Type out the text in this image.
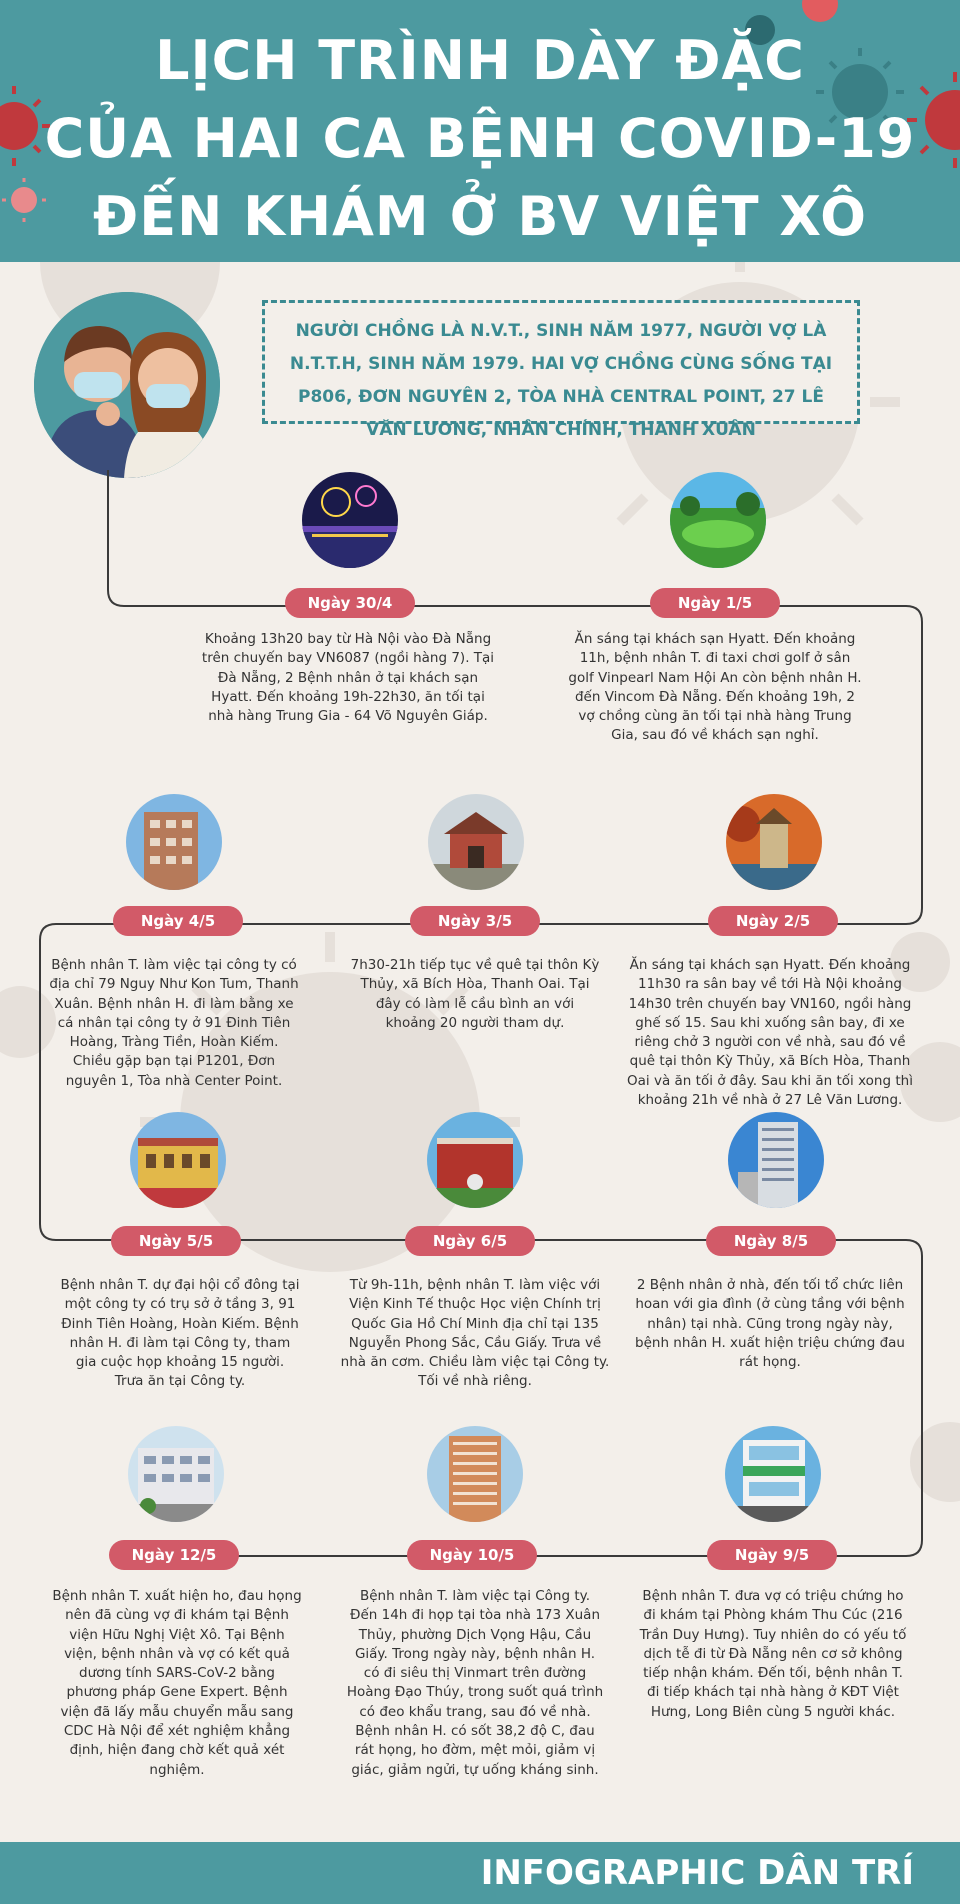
LỊCH TRÌNH DÀY ĐẶC
CỦA HAI CA BỆNH COVID-19
ĐẾN KHÁM Ở BV VIỆT XÔ
NGƯỜI CHỒNG LÀ N.V.T., SINH NĂM 1977, NGƯỜI VỢ LÀ N.T.T.H, SINH NĂM 1979. HAI VỢ CHỒNG CÙNG SỐNG TẠI P806, ĐƠN NGUYÊN 2, TÒA NHÀ CENTRAL POINT, 27 LÊ VĂN LƯƠNG, NHÂN CHÍNH, THANH XUÂN
Ngày 30/4	Ngày 1/5
Khoảng 13h20 bay từ Hà Nội vào Đà Nẵng trên chuyến bay VN6087 (ngồi hàng 7). Tại Đà Nẵng, 2 Bệnh nhân ở tại khách sạn Hyatt. Đến khoảng 19h-22h30, ăn tối tại nhà hàng Trung Gia - 64 Võ Nguyên Giáp.
Ăn sáng tại khách sạn Hyatt. Đến khoảng 11h, bệnh nhân T. đi taxi chơi golf ở sân golf Vinpearl Nam Hội An còn bệnh nhân H. đến Vincom Đà Nẵng. Đến khoảng 19h, 2 vợ chồng cùng ăn tối tại nhà hàng Trung Gia, sau đó về khách sạn nghỉ.
Ngày 4/5	Ngày 3/5	Ngày 2/5
Bệnh nhân T. làm việc tại công ty có địa chỉ 79 Nguy Như Kon Tum, Thanh Xuân. Bệnh nhân H. đi làm bằng xe cá nhân tại công ty ở 91 Đinh Tiên Hoàng, Tràng Tiền, Hoàn Kiếm. Chiều gặp bạn tại P1201, Đơn nguyên 1, Tòa nhà Center Point.
7h30-21h tiếp tục về quê tại thôn Kỳ Thủy, xã Bích Hòa, Thanh Oai. Tại đây có làm lễ cầu bình an với khoảng 20 người tham dự.
Ăn sáng tại khách sạn Hyatt. Đến khoảng 11h30 ra sân bay về tới Hà Nội khoảng 14h30 trên chuyến bay VN160, ngồi hàng ghế số 15. Sau khi xuống sân bay, đi xe riêng chở 3 người con về nhà, sau đó về quê tại thôn Kỳ Thủy, xã Bích Hòa, Thanh Oai và ăn tối ở đây. Sau khi ăn tối xong thì khoảng 21h về nhà ở 27 Lê Văn Lương.
Ngày 5/5	Ngày 6/5	Ngày 8/5
Bệnh nhân T. dự đại hội cổ đông tại một công ty có trụ sở ở tầng 3, 91 Đinh Tiên Hoàng, Hoàn Kiếm. Bệnh nhân H. đi làm tại Công ty, tham gia cuộc họp khoảng 15 người. Trưa ăn tại Công ty.
Từ 9h-11h, bệnh nhân T. làm việc với Viện Kinh Tế thuộc Học viện Chính trị Quốc Gia Hồ Chí Minh địa chỉ tại 135 Nguyễn Phong Sắc, Cầu Giấy. Trưa về nhà ăn cơm. Chiều làm việc tại Công ty. Tối về nhà riêng.
2 Bệnh nhân ở nhà, đến tối tổ chức liên hoan với gia đình (ở cùng tầng với bệnh nhân) tại nhà. Cũng trong ngày này, bệnh nhân H. xuất hiện triệu chứng đau rát họng.
Ngày 12/5	Ngày 10/5	Ngày 9/5
Bệnh nhân T. xuất hiện ho, đau họng nên đã cùng vợ đi khám tại Bệnh viện Hữu Nghị Việt Xô. Tại Bệnh viện, bệnh nhân và vợ có kết quả dương tính SARS-CoV-2 bằng phương pháp Gene Expert. Bệnh viện đã lấy mẫu chuyển mẫu sang CDC Hà Nội để xét nghiệm khẳng định, hiện đang chờ kết quả xét nghiệm.
Bệnh nhân T. làm việc tại Công ty. Đến 14h đi họp tại tòa nhà 173 Xuân Thủy, phường Dịch Vọng Hậu, Cầu Giấy. Trong ngày này, bệnh nhân H. có đi siêu thị Vinmart trên đường Hoàng Đạo Thúy, trong suốt quá trình có đeo khẩu trang, sau đó về nhà. Bệnh nhân H. có sốt 38,2 độ C, đau rát họng, ho đờm, mệt mỏi, giảm vị giác, giảm ngửi, tự uống kháng sinh.
Bệnh nhân T. đưa vợ có triệu chứng ho đi khám tại Phòng khám Thu Cúc (216 Trần Duy Hưng). Tuy nhiên do có yếu tố dịch tễ đi từ Đà Nẵng nên cơ sở không tiếp nhận khám. Đến tối, bệnh nhân T. đi tiếp khách tại nhà hàng ở KĐT Việt Hưng, Long Biên cùng 5 người khác.
INFOGRAPHIC DÂN TRÍ
